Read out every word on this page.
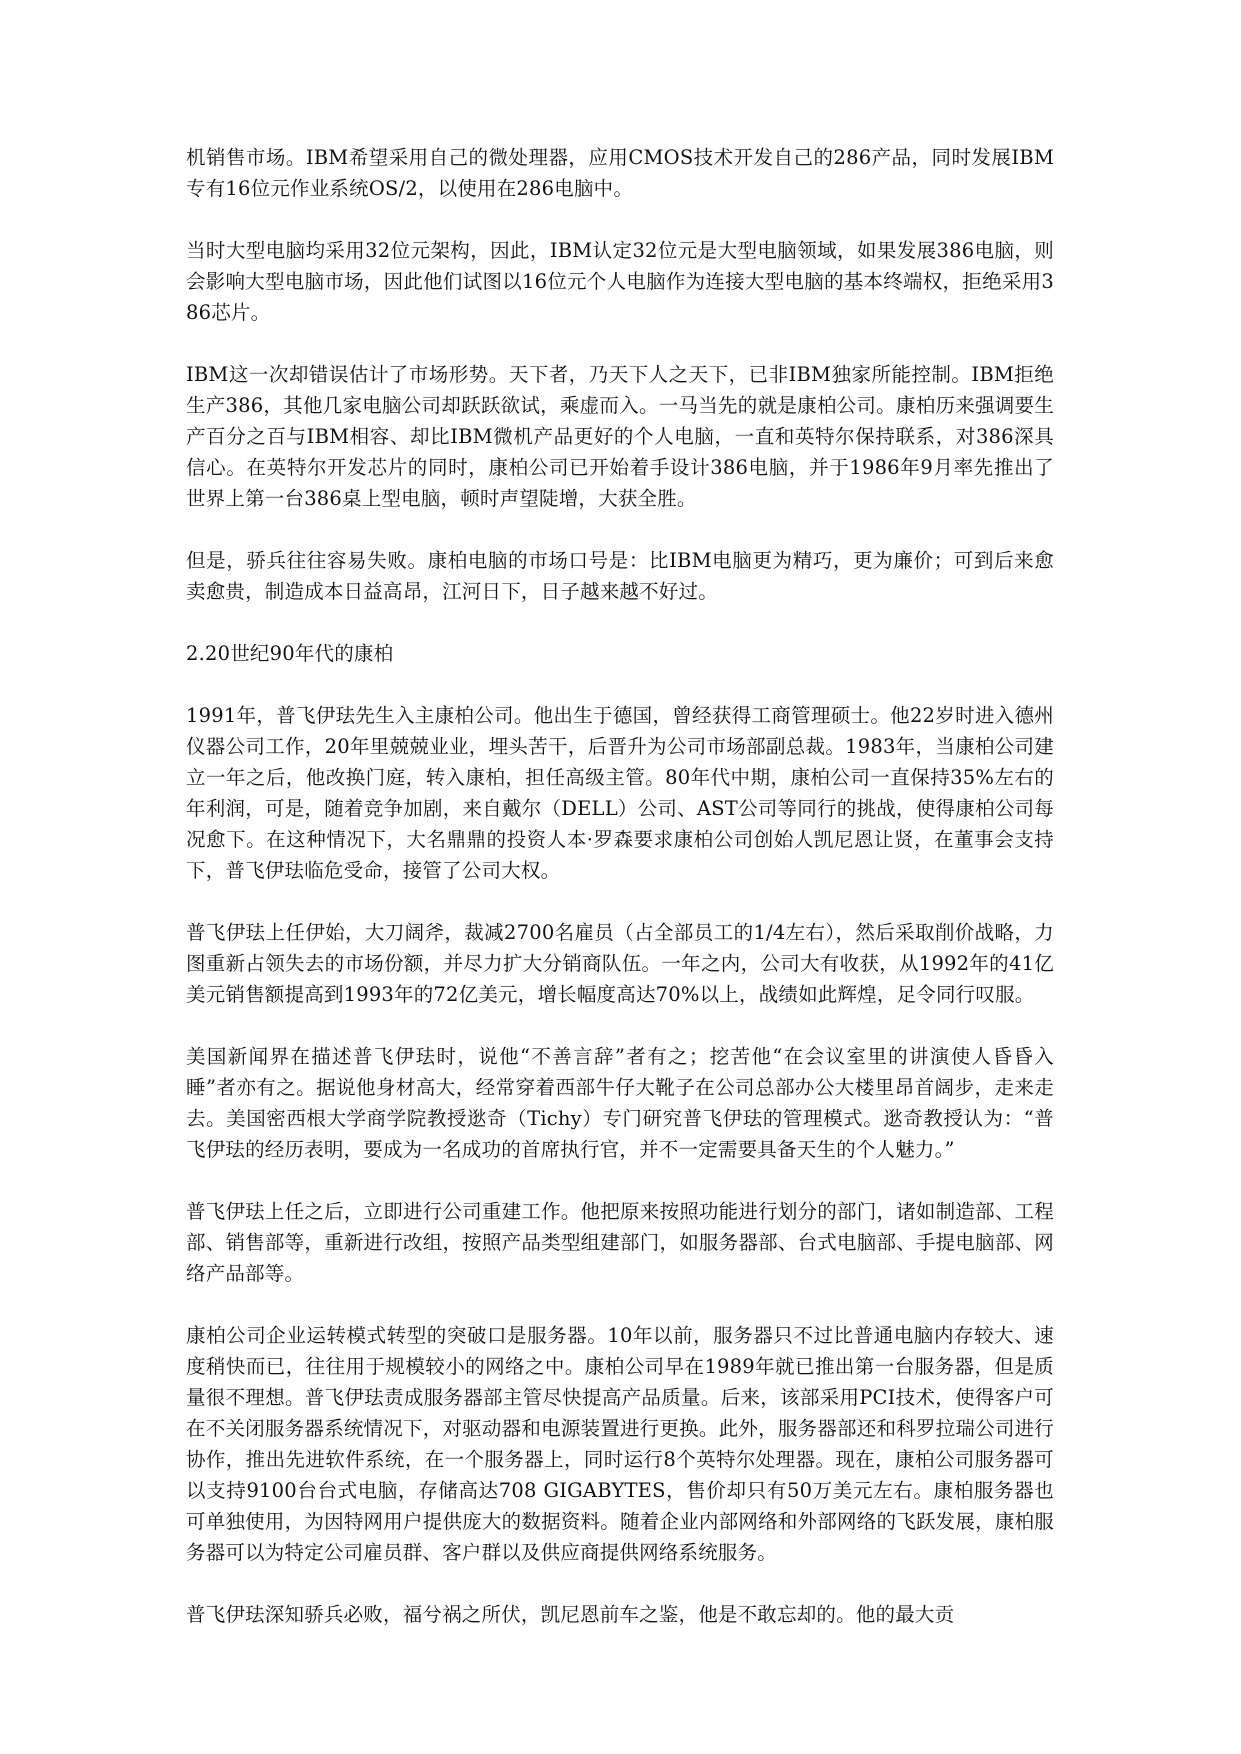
机销售市场。IBM希望采用自己的微处理器，应用CMOS技术开发自己的286产品，同时发展IBM专有16位元作业系统OS/2，以使用在286电脑中。

当时大型电脑均采用32位元架构，因此，IBM认定32位元是大型电脑领域，如果发展386电脑，则会影响大型电脑市场，因此他们试图以16位元个人电脑作为连接大型电脑的基本终端权，拒绝采用386芯片。

IBM这一次却错误估计了市场形势。天下者，乃天下人之天下，已非IBM独家所能控制。IBM拒绝生产386，其他几家电脑公司却跃跃欲试，乘虚而入。一马当先的就是康柏公司。康柏历来强调要生产百分之百与IBM相容、却比IBM微机产品更好的个人电脑，一直和英特尔保持联系，对386深具信心。在英特尔开发芯片的同时，康柏公司已开始着手设计386电脑，并于1986年9月率先推出了世界上第一台386桌上型电脑，顿时声望陡增，大获全胜。

但是，骄兵往往容易失败。康柏电脑的市场口号是：比IBM电脑更为精巧，更为廉价；可到后来愈卖愈贵，制造成本日益高昂，江河日下，日子越来越不好过。

2.20世纪90年代的康柏

1991年，普飞伊珐先生入主康柏公司。他出生于德国，曾经获得工商管理硕士。他22岁时进入德州仪器公司工作，20年里兢兢业业，埋头苦干，后晋升为公司市场部副总裁。1983年，当康柏公司建立一年之后，他改换门庭，转入康柏，担任高级主管。80年代中期，康柏公司一直保持35%左右的年利润，可是，随着竞争加剧，来自戴尔（DELL）公司、AST公司等同行的挑战，使得康柏公司每况愈下。在这种情况下，大名鼎鼎的投资人本·罗森要求康柏公司创始人凯尼恩让贤，在董事会支持下，普飞伊珐临危受命，接管了公司大权。

普飞伊珐上任伊始，大刀阔斧，裁减2700名雇员（占全部员工的1/4左右），然后采取削价战略，力图重新占领失去的市场份额，并尽力扩大分销商队伍。一年之内，公司大有收获，从1992年的41亿美元销售额提高到1993年的72亿美元，增长幅度高达70%以上，战绩如此辉煌，足令同行叹服。

美国新闻界在描述普飞伊珐时，说他“不善言辞”者有之；挖苦他“在会议室里的讲演使人昏昏入睡”者亦有之。据说他身材高大，经常穿着西部牛仔大靴子在公司总部办公大楼里昂首阔步，走来走去。美国密西根大学商学院教授逖奇（Tichy）专门研究普飞伊珐的管理模式。逖奇教授认为：“普飞伊珐的经历表明，要成为一名成功的首席执行官，并不一定需要具备天生的个人魅力。”

普飞伊珐上任之后，立即进行公司重建工作。他把原来按照功能进行划分的部门，诸如制造部、工程部、销售部等，重新进行改组，按照产品类型组建部门，如服务器部、台式电脑部、手提电脑部、网络产品部等。

康柏公司企业运转模式转型的突破口是服务器。10年以前，服务器只不过比普通电脑内存较大、速度稍快而已，往往用于规模较小的网络之中。康柏公司早在1989年就已推出第一台服务器，但是质量很不理想。普飞伊珐责成服务器部主管尽快提高产品质量。后来，该部采用PCI技术，使得客户可在不关闭服务器系统情况下，对驱动器和电源装置进行更换。此外，服务器部还和科罗拉瑞公司进行协作，推出先进软件系统，在一个服务器上，同时运行8个英特尔处理器。现在，康柏公司服务器可以支持9100台台式电脑，存储高达708 GIGABYTES，售价却只有50万美元左右。康柏服务器也可单独使用，为因特网用户提供庞大的数据资料。随着企业内部网络和外部网络的飞跃发展，康柏服务器可以为特定公司雇员群、客户群以及供应商提供网络系统服务。

普飞伊珐深知骄兵必败，福兮祸之所伏，凯尼恩前车之鉴，他是不敢忘却的。他的最大贡
